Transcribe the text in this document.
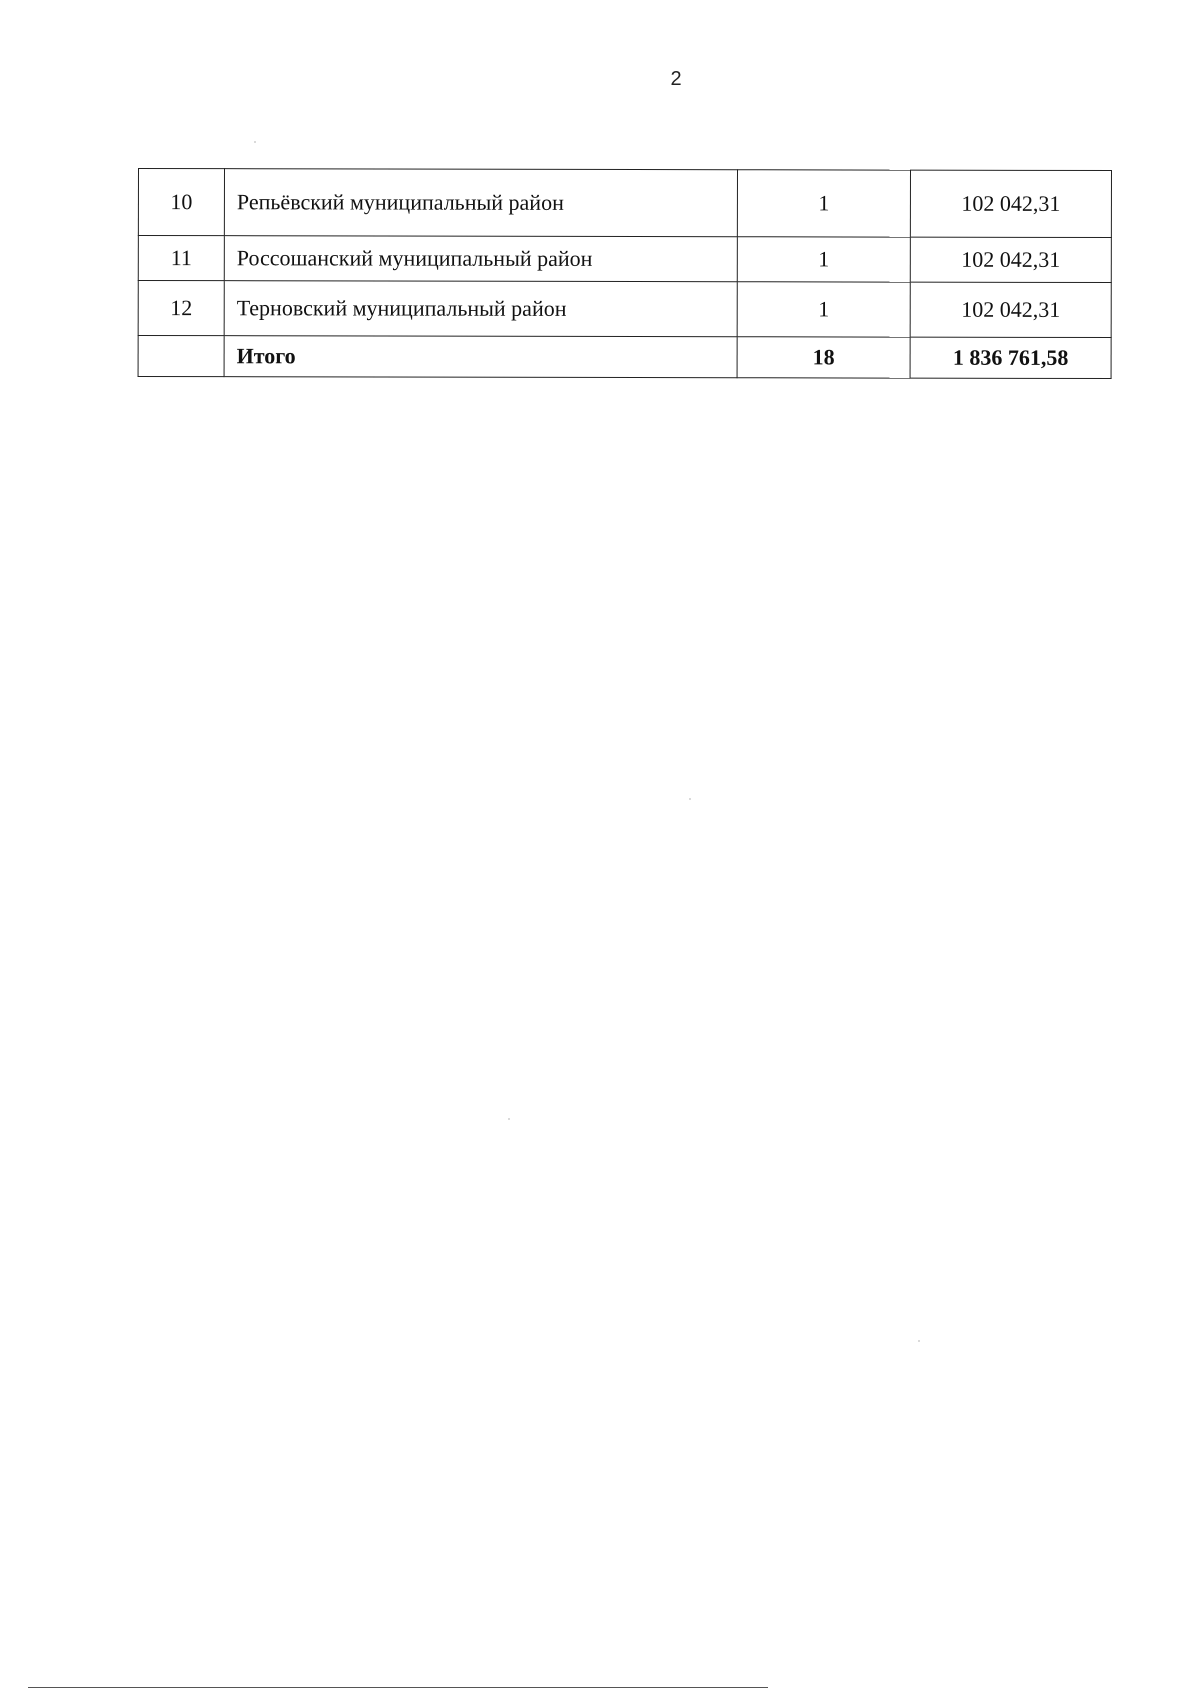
2
10	Репьёвский муниципальный район	1	102 042,31
11	Россошанский муниципальный район	1	102 042,31
12	Терновский муниципальный район	1	102 042,31
	Итого	18	1 836 761,58
